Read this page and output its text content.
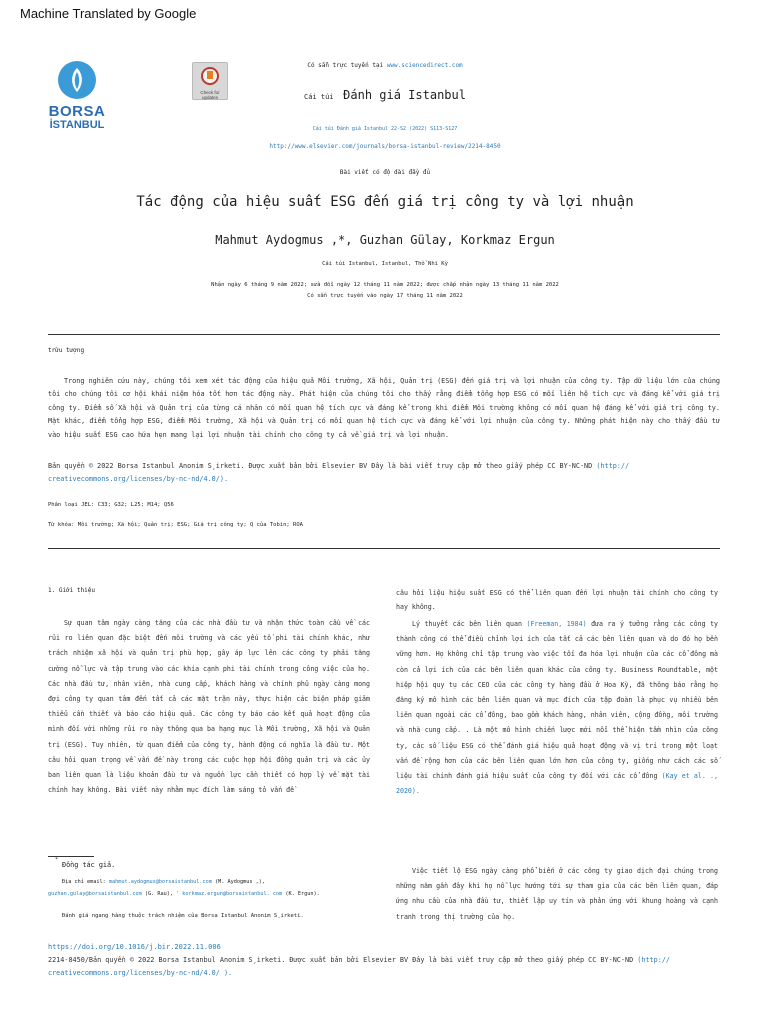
Machine Translated by Google
BORSA
İSTANBUL
Check for
updates
Có sẵn trực tuyến tại www.sciencedirect.com
Cái túi Đánh giá Istanbul
Cái túi Đánh giá Istanbul 22-S2 (2022) S113-S127
http://www.elsevier.com/journals/borsa-istanbul-review/2214-8450
Bài viết có độ dài đầy đủ
Tác động của hiệu suất ESG đến giá trị công ty và lợi nhuận
Mahmut Aydogmus ,*, Guzhan Gülay, Korkmaz Ergun
Cái túi Istanbul, Istanbul, Thổ Nhĩ Kỳ
Nhận ngày 6 tháng 9 năm 2022; sửa đổi ngày 12 tháng 11 năm 2022; được chấp nhận ngày 13 tháng 11 năm 2022
Có sẵn trực tuyến vào ngày 17 tháng 11 năm 2022
trừu tượng
Trong nghiên cứu này, chúng tôi xem xét tác động của hiệu quả Môi trường, Xã hội, Quản trị (ESG) đến giá trị và lợi nhuận của công ty. Tập dữ liệu lớn của chúng tôi cho chúng tôi cơ hội khái niệm hóa tốt hơn tác động này. Phát hiện của chúng tôi cho thấy rằng điểm tổng hợp ESG có mối liên hệ tích cực và đáng kể với giá trị công ty. Điểm số Xã hội và Quản trị của từng cá nhân có mối quan hệ tích cực và đáng kể trong khi điểm Môi trường không có mối quan hệ đáng kể với giá trị công ty. Mặt khác, điểm tổng hợp ESG, điểm Môi trường, Xã hội và Quản trị có mối quan hệ tích cực và đáng kể với lợi nhuận của công ty. Những phát hiện này cho thấy đầu tư vào hiệu suất ESG cao hứa hẹn mang lại lợi nhuận tài chính cho công ty cả về giá trị và lợi nhuận.
Bản quyền © 2022 Borsa Istanbul Anonim S¸irketi. Được xuất bản bởi Elsevier BV Đây là bài viết truy cập mở theo giấy phép CC BY-NC-ND (http:// creativecommons.org/licenses/by-nc-nd/4.0/).
Phân loại JEL: C33; G32; L25; M14; Q56
Từ khóa: Môi trường; Xã hội; Quản trị; ESG; Giá trị công ty; Q của Tobin; ROA
1. Giới thiệu
Sự quan tâm ngày càng tăng của các nhà đầu tư và nhận thức toàn cầu về các rủi ro liên quan đặc biệt đến môi trường và các yếu tố phi tài chính khác, như trách nhiệm xã hội và quản trị phù hợp, gây áp lực lên các công ty phải tăng cường nỗ lực và tập trung vào các khía cạnh phi tài chính trong công việc của họ. Các nhà đầu tư, nhân viên, nhà cung cấp, khách hàng và chính phủ ngày càng mong đợi công ty quan tâm đến tất cả các mặt trận này, thực hiện các biện pháp giảm thiểu cần thiết và báo cáo hiệu quả. Các công ty báo cáo kết quả hoạt động của mình đối với những rủi ro này thông qua ba hạng mục là Môi trường, Xã hội và Quản trị (ESG). Tuy nhiên, từ quan điểm của công ty, hành động có nghĩa là đầu tư. Một câu hỏi quan trọng về vấn đề này trong các cuộc họp hội đồng quản trị và các ủy ban liên quan là liệu khoản đầu tư và nguồn lực cần thiết có hợp lý về mặt tài chính hay không. Bài viết này nhằm mục đích làm sáng tỏ vấn đề
câu hỏi liệu hiệu suất ESG có thể liên quan đến lợi nhuận tài chính cho công ty hay không.
Lý thuyết các bên liên quan (Freeman, 1984) đưa ra ý tưởng rằng các công ty thành công có thể điều chỉnh lợi ích của tất cả các bên liên quan và do đó họ bền vững hơn. Họ không chỉ tập trung vào việc tối đa hóa lợi nhuận của các cổ đông mà còn cả lợi ích của các bên liên quan khác của công ty. Business Roundtable, một hiệp hội quy tụ các CEO của các công ty hàng đầu ở Hoa Kỳ, đã thông báo rằng họ đăng ký mô hình các bên liên quan và mục đích của tập đoàn là phục vụ nhiều bên liên quan ngoài các cổ đông, bao gồm khách hàng, nhân viên, cộng đồng, môi trường và nhà cung cấp. . Là một mô hình chiến lược mới nổi thể hiện tầm nhìn của công ty, các số liệu ESG có thể đánh giá hiệu quả hoạt động và vị trí trong một loạt vấn đề rộng hơn của các bên liên quan lớn hơn của công ty, giống như cách các số liệu tài chính đánh giá hiệu suất của công ty đối với các cổ đông (Kay et al. ., 2020).
Việc tiết lộ ESG ngày càng phổ biến ở các công ty giao dịch đại chúng trong những năm gần đây khi họ nỗ lực hướng tới sự tham gia của các bên liên quan, đáp ứng nhu cầu của nhà đầu tư, thiết lập uy tín và phản ứng với khung hoàng và cạnh tranh trong thị trường của họ.
*
Đồng tác giả.
Địa chỉ email: mahmut.aydogmus@borsaistanbul.com (M. Aydogmus ,),
guzhan.gulay@borsaistanbul.com (G. Rau), ' korkmaz.ergun@borsaistanbul. com (K. Ergun).
Đánh giá ngang hàng thuộc trách nhiệm của Borsa Istanbul Anonim S¸irketi.
https://doi.org/10.1016/j.bir.2022.11.006
2214-8450/Bản quyền © 2022 Borsa Istanbul Anonim S¸irketi. Được xuất bản bởi Elsevier BV Đây là bài viết truy cập mở theo giấy phép CC BY-NC-ND (http:// creativecommons.org/licenses/by-nc-nd/4.0/ ).
